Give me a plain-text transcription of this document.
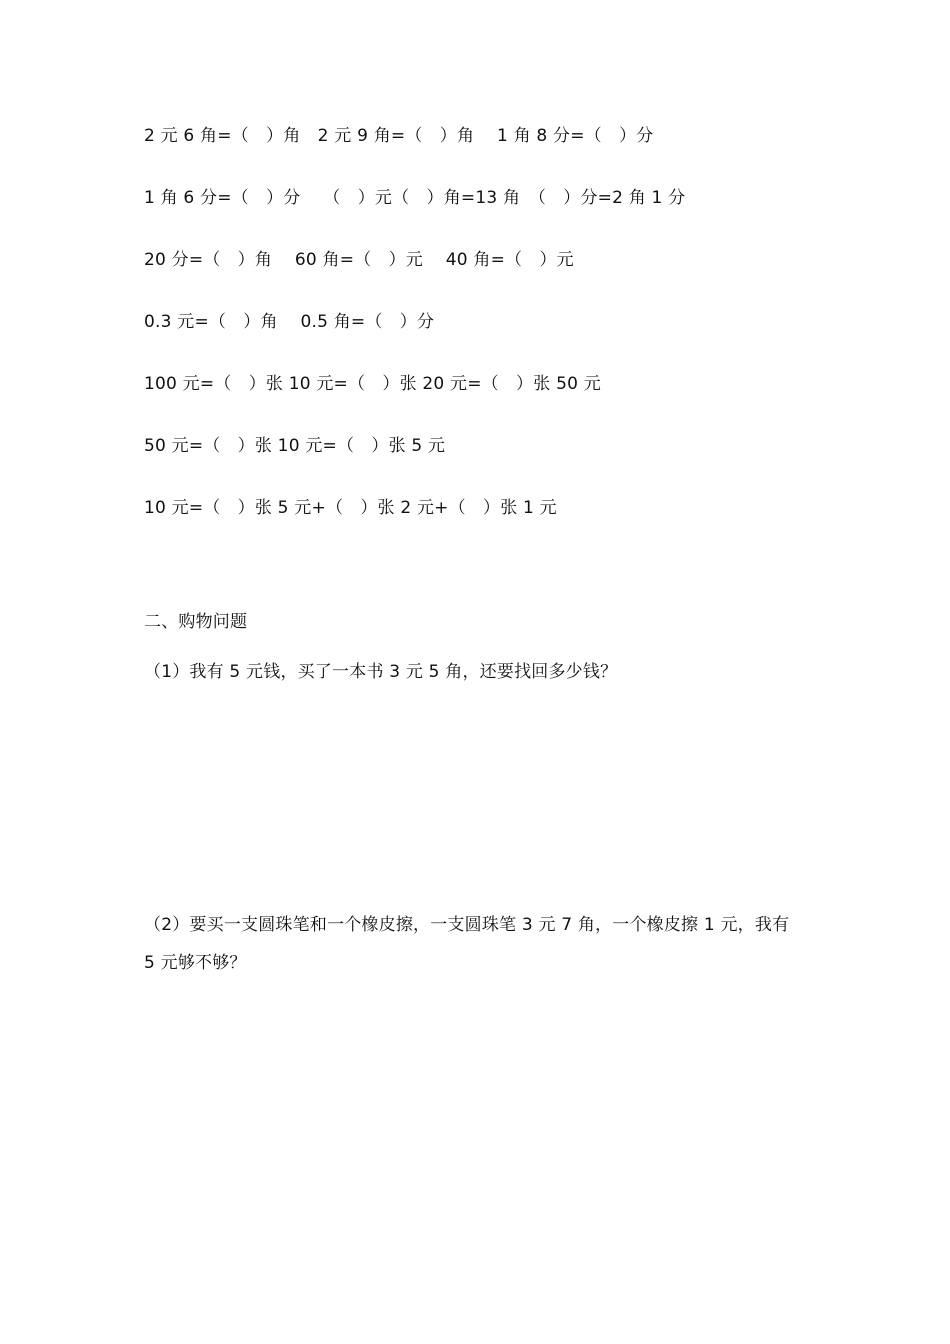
2 元 6 角=（　）角　2 元 9 角=（　）角　 1 角 8 分=（　）分
1 角 6 分=（　）分　 （　）元（　）角=13 角　（　）分=2 角 1 分
20 分=（　）角　 60 角=（　）元　 40 角=（　）元
0.3 元=（　）角　 0.5 角=（　）分
100 元=（　）张 10 元=（　）张 20 元=（　）张 50 元
50 元=（　）张 10 元=（　）张 5 元
10 元=（　）张 5 元+（　）张 2 元+（　）张 1 元
二、购物问题
（1）我有 5 元钱，买了一本书 3 元 5 角，还要找回多少钱？
（2）要买一支圆珠笔和一个橡皮擦，一支圆珠笔 3 元 7 角，一个橡皮擦 1 元，我有
5 元够不够？
